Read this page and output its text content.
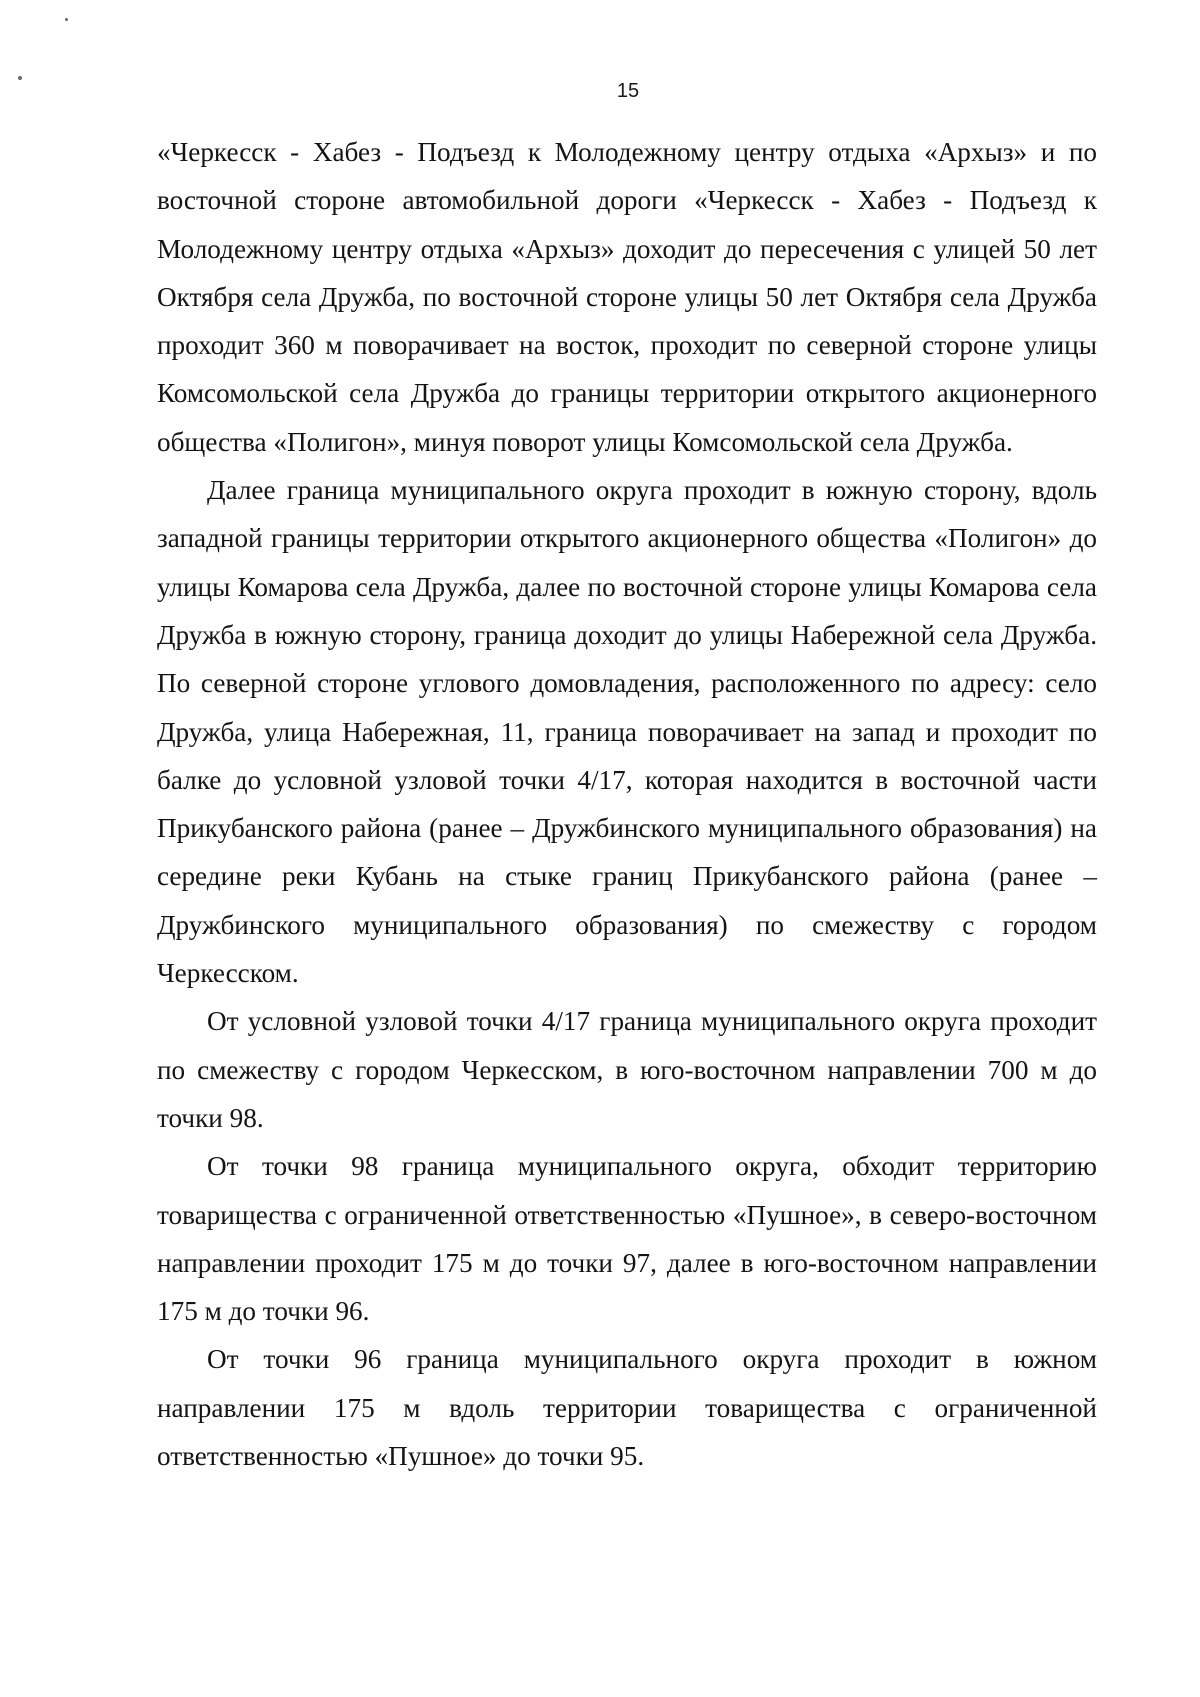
15

«Черкесск - Хабез - Подъезд к Молодежному центру отдыха «Архыз» и по восточной стороне автомобильной дороги «Черкесск - Хабез - Подъезд к Молодежному центру отдыха «Архыз» доходит до пересечения с улицей 50 лет Октября села Дружба, по восточной стороне улицы 50 лет Октября села Дружба проходит 360 м поворачивает на восток, проходит по северной стороне улицы Комсомольской села Дружба до границы территории открытого акционерного общества «Полигон», минуя поворот улицы Комсомольской села Дружба.

Далее граница муниципального округа проходит в южную сторону, вдоль западной границы территории открытого акционерного общества «Полигон» до улицы Комарова села Дружба, далее по восточной стороне улицы Комарова села Дружба в южную сторону, граница доходит до улицы Набережной села Дружба. По северной стороне углового домовладения, расположенного по адресу: село Дружба, улица Набережная, 11, граница поворачивает на запад и проходит по балке до условной узловой точки 4/17, которая находится в восточной части Прикубанского района (ранее – Дружбинского муниципального образования) на середине реки Кубань на стыке границ Прикубанского района (ранее – Дружбинского муниципального образования) по смежеству с городом Черкесском.

От условной узловой точки 4/17 граница муниципального округа проходит по смежеству с городом Черкесском, в юго-восточном направлении 700 м до точки 98.

От точки 98 граница муниципального округа, обходит территорию товарищества с ограниченной ответственностью «Пушное», в северо-восточном направлении проходит 175 м до точки 97, далее в юго-восточном направлении 175 м до точки 96.

От точки 96 граница муниципального округа проходит в южном направлении 175 м вдоль территории товарищества с ограниченной ответственностью «Пушное» до точки 95.
